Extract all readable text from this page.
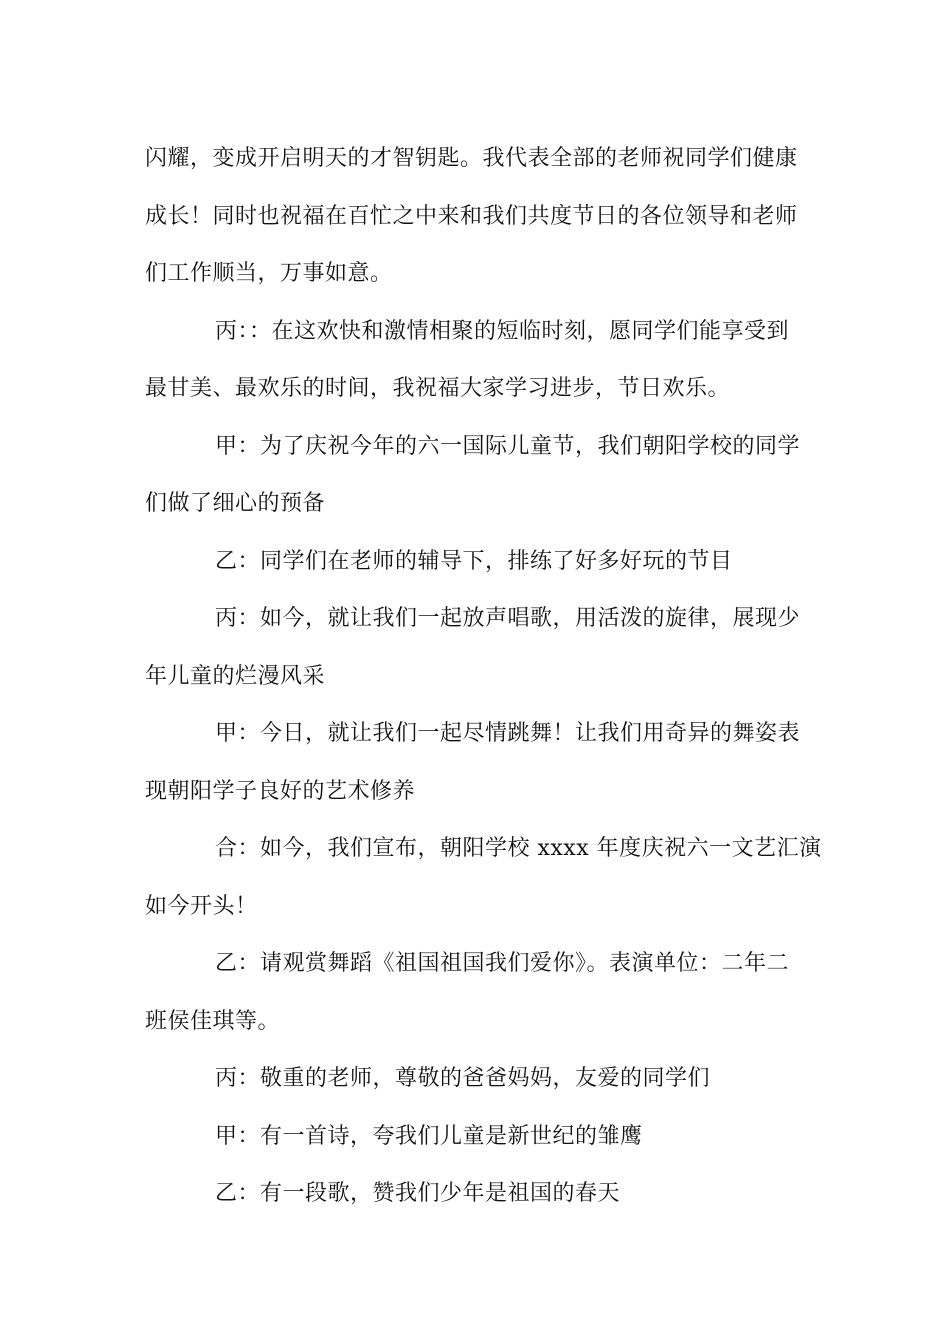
闪耀，变成开启明天的才智钥匙。我代表全部的老师祝同学们健康
成长！同时也祝福在百忙之中来和我们共度节日的各位领导和老师
们工作顺当，万事如意。
丙：：在这欢快和激情相聚的短临时刻，愿同学们能享受到
最甘美、最欢乐的时间，我祝福大家学习进步，节日欢乐。
甲：为了庆祝今年的六一国际儿童节，我们朝阳学校的同学
们做了细心的预备
乙：同学们在老师的辅导下，排练了好多好玩的节目
丙：如今，就让我们一起放声唱歌，用活泼的旋律，展现少
年儿童的烂漫风采
甲：今日，就让我们一起尽情跳舞！让我们用奇异的舞姿表
现朝阳学子良好的艺术修养
合：如今，我们宣布，朝阳学校 xxxx 年度庆祝六一文艺汇演
如今开头！
乙：请观赏舞蹈《祖国祖国我们爱你》。表演单位：二年二
班侯佳琪等。
丙：敬重的老师，尊敬的爸爸妈妈，友爱的同学们
甲：有一首诗，夸我们儿童是新世纪的雏鹰
乙：有一段歌，赞我们少年是祖国的春天
